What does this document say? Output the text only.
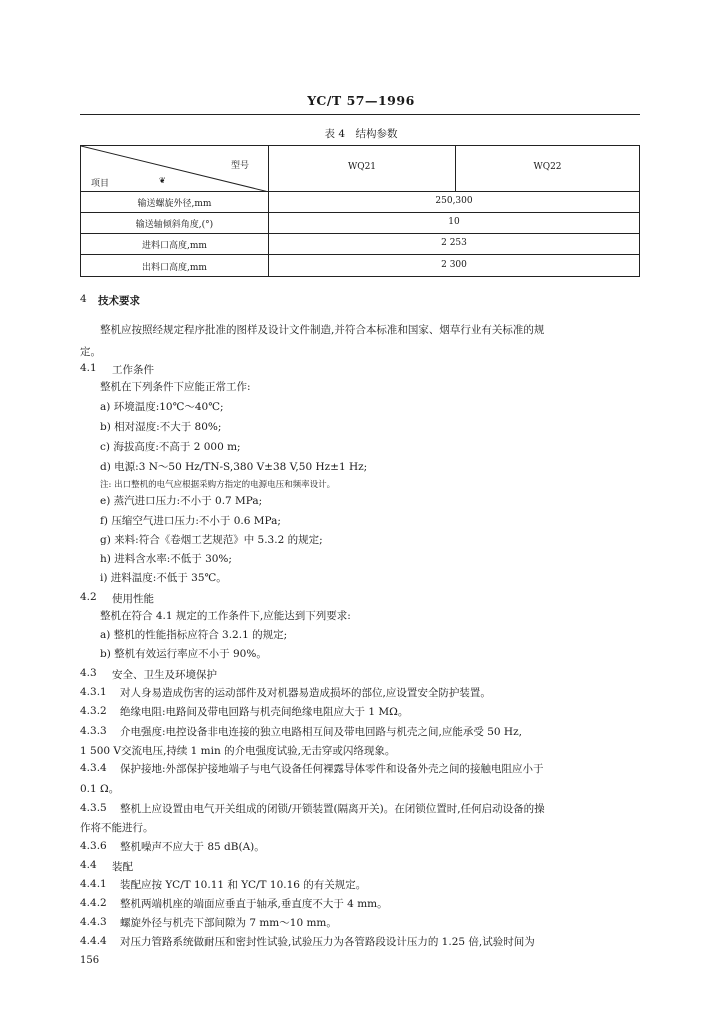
YC/T 57—1996
表 4　结构参数
型号
项目	❦
WQ21	WQ22
输送螺旋外径,mm	250,300
输送轴倾斜角度,(°)	10
进料口高度,mm	2 253
出料口高度,mm	2 300
4 技术要求
整机应按照经规定程序批准的图样及设计文件制造,并符合本标准和国家、烟草行业有关标准的规
定。
4.1 工作条件
整机在下列条件下应能正常工作:
a) 环境温度:10℃～40℃;
b) 相对湿度:不大于 80%;
c) 海拔高度:不高于 2 000 m;
d) 电源:3 N～50 Hz/TN-S,380 V±38 V,50 Hz±1 Hz;
注: 出口整机的电气应根据采购方指定的电源电压和频率设计。
e) 蒸汽进口压力:不小于 0.7 MPa;
f) 压缩空气进口压力:不小于 0.6 MPa;
g) 来料:符合《卷烟工艺规范》中 5.3.2 的规定;
h) 进料含水率:不低于 30%;
i) 进料温度:不低于 35℃。
4.2 使用性能
整机在符合 4.1 规定的工作条件下,应能达到下列要求:
a) 整机的性能指标应符合 3.2.1 的规定;
b) 整机有效运行率应不小于 90%。
4.3 安全、卫生及环境保护
4.3.1 对人身易造成伤害的运动部件及对机器易造成损坏的部位,应设置安全防护装置。
4.3.2 绝缘电阻:电路间及带电回路与机壳间绝缘电阻应大于 1 MΩ。
4.3.3 介电强度:电控设备非电连接的独立电路相互间及带电回路与机壳之间,应能承受 50 Hz,
1 500 V交流电压,持续 1 min 的介电强度试验,无击穿或闪络现象。
4.3.4 保护接地:外部保护接地端子与电气设备任何裸露导体零件和设备外壳之间的接触电阻应小于
0.1 Ω。
4.3.5 整机上应设置由电气开关组成的闭锁/开锁装置(隔离开关)。在闭锁位置时,任何启动设备的操
作将不能进行。
4.3.6 整机噪声不应大于 85 dB(A)。
4.4 装配
4.4.1 装配应按 YC/T 10.11 和 YC/T 10.16 的有关规定。
4.4.2 整机两端机座的端面应垂直于轴承,垂直度不大于 4 mm。
4.4.3 螺旋外径与机壳下部间隙为 7 mm～10 mm。
4.4.4 对压力管路系统做耐压和密封性试验,试验压力为各管路段设计压力的 1.25 倍,试验时间为
156
